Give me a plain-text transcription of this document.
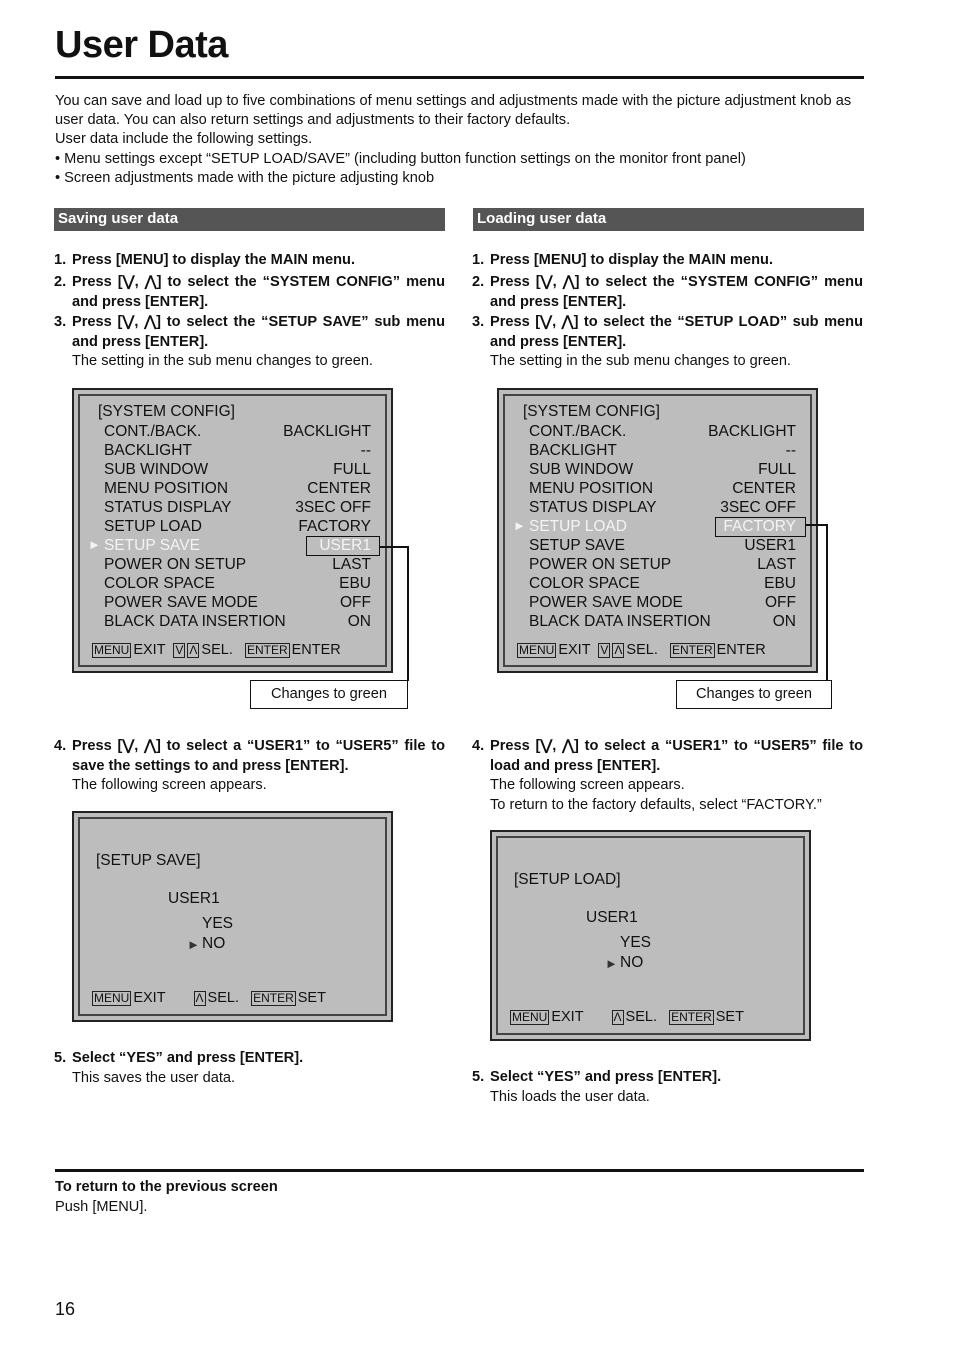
User Data

You can save and load up to five combinations of menu settings and adjustments made with the picture adjustment knob as user data. You can also return settings and adjustments to their factory defaults.

User data include the following settings.

• Menu settings except “SETUP LOAD/SAVE” (including button function settings on the monitor front panel)

• Screen adjustments made with the picture adjusting knob

Saving user data
1. Press [MENU] to display the MAIN menu.
2. Press [⋁, ⋀] to select the “SYSTEM CONFIG” menu and press [ENTER].
3. Press [⋁, ⋀] to select the “SETUP SAVE” sub menu and press [ENTER].
The setting in the sub menu changes to green.
[SYSTEM CONFIG]
CONT./BACK.	BACKLIGHT
BACKLIGHT	--
SUB WINDOW	FULL
MENU POSITION	CENTER
STATUS DISPLAY	3SEC OFF
SETUP LOAD	FACTORY
► SETUP SAVE	USER1
POWER ON SETUP	LAST
COLOR SPACE	EBU
POWER SAVE MODE	OFF
BLACK DATA INSERTION	ON
MENU EXIT V Λ SEL. ENTER ENTER
Changes to green
4. Press [⋁, ⋀] to select a “USER1” to “USER5” file to save the settings to and press [ENTER].
The following screen appears.
[SETUP SAVE]
USER1
YES
► NO
MENU EXIT	Λ SEL. ENTER SET
5. Select “YES” and press [ENTER].
This saves the user data.
Loading user data
1. Press [MENU] to display the MAIN menu.
2. Press [⋁, ⋀] to select the “SYSTEM CONFIG” menu and press [ENTER].
3. Press [⋁, ⋀] to select the “SETUP LOAD” sub menu and press [ENTER].
The setting in the sub menu changes to green.
[SYSTEM CONFIG]
CONT./BACK.	BACKLIGHT
BACKLIGHT	--
SUB WINDOW	FULL
MENU POSITION	CENTER
STATUS DISPLAY	3SEC OFF
► SETUP LOAD	FACTORY
SETUP SAVE	USER1
POWER ON SETUP	LAST
COLOR SPACE	EBU
POWER SAVE MODE	OFF
BLACK DATA INSERTION	ON
MENU EXIT V Λ SEL. ENTER ENTER
Changes to green
4. Press [⋁, ⋀] to select a “USER1” to “USER5” file to load and press [ENTER].
The following screen appears.
To return to the factory defaults, select “FACTORY.”
[SETUP LOAD]
USER1
YES
► NO
MENU EXIT	Λ SEL. ENTER SET
5. Select “YES” and press [ENTER].
This loads the user data.
To return to the previous screen
Push [MENU].
16
